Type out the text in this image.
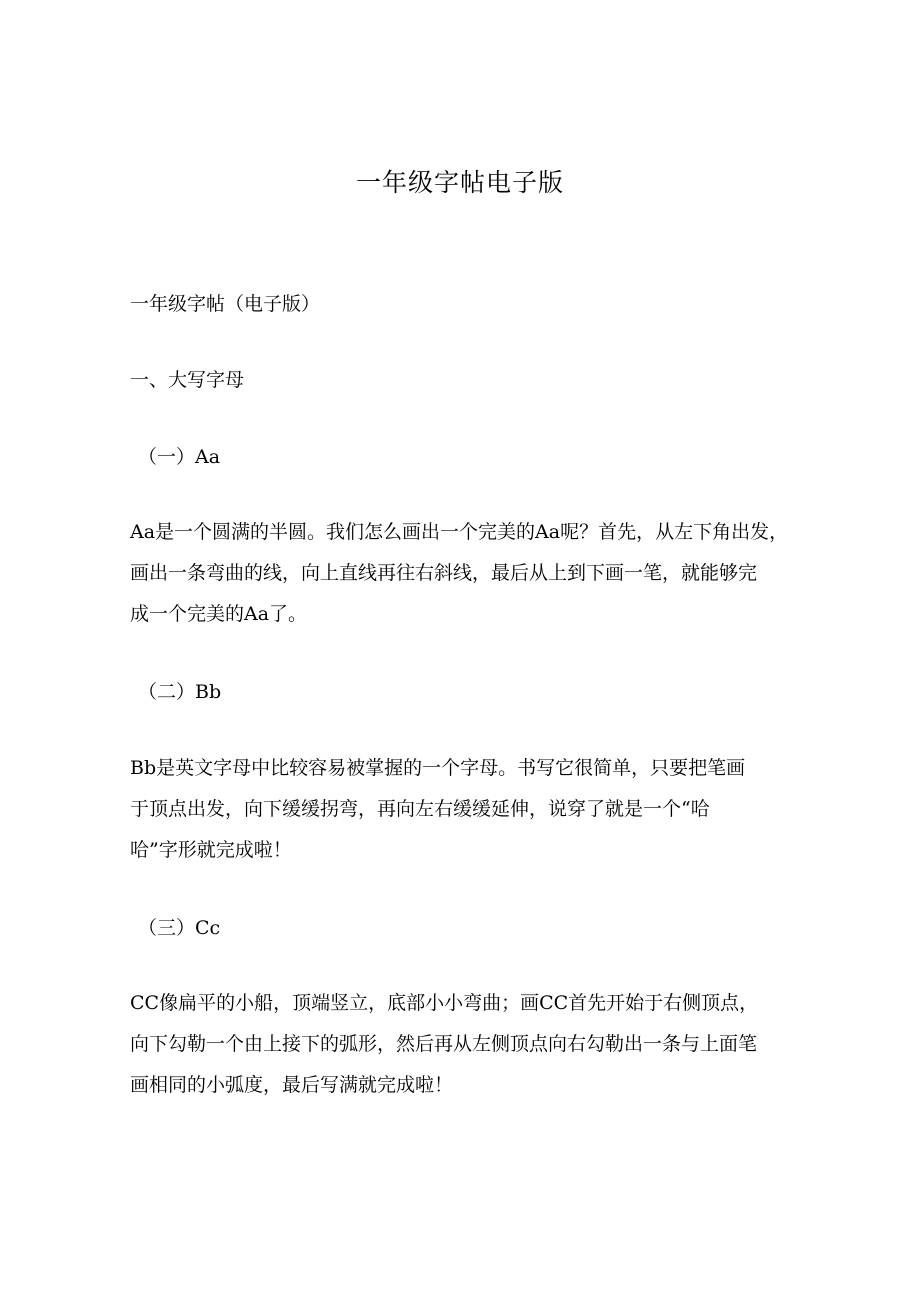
一年级字帖电子版
一年级字帖（电子版）
一、大写字母
（一）Aa
Aa是一个圆满的半圆。我们怎么画出一个完美的Aa呢？首先，从左下角出发，
画出一条弯曲的线，向上直线再往右斜线，最后从上到下画一笔，就能够完
成一个完美的Aa了。
（二）Bb
Bb是英文字母中比较容易被掌握的一个字母。书写它很简单，只要把笔画
于顶点出发，向下缓缓拐弯，再向左右缓缓延伸，说穿了就是一个“哈
哈”字形就完成啦！
（三）Cc
CC像扁平的小船，顶端竖立，底部小小弯曲；画CC首先开始于右侧顶点，
向下勾勒一个由上接下的弧形，然后再从左侧顶点向右勾勒出一条与上面笔
画相同的小弧度，最后写满就完成啦！
